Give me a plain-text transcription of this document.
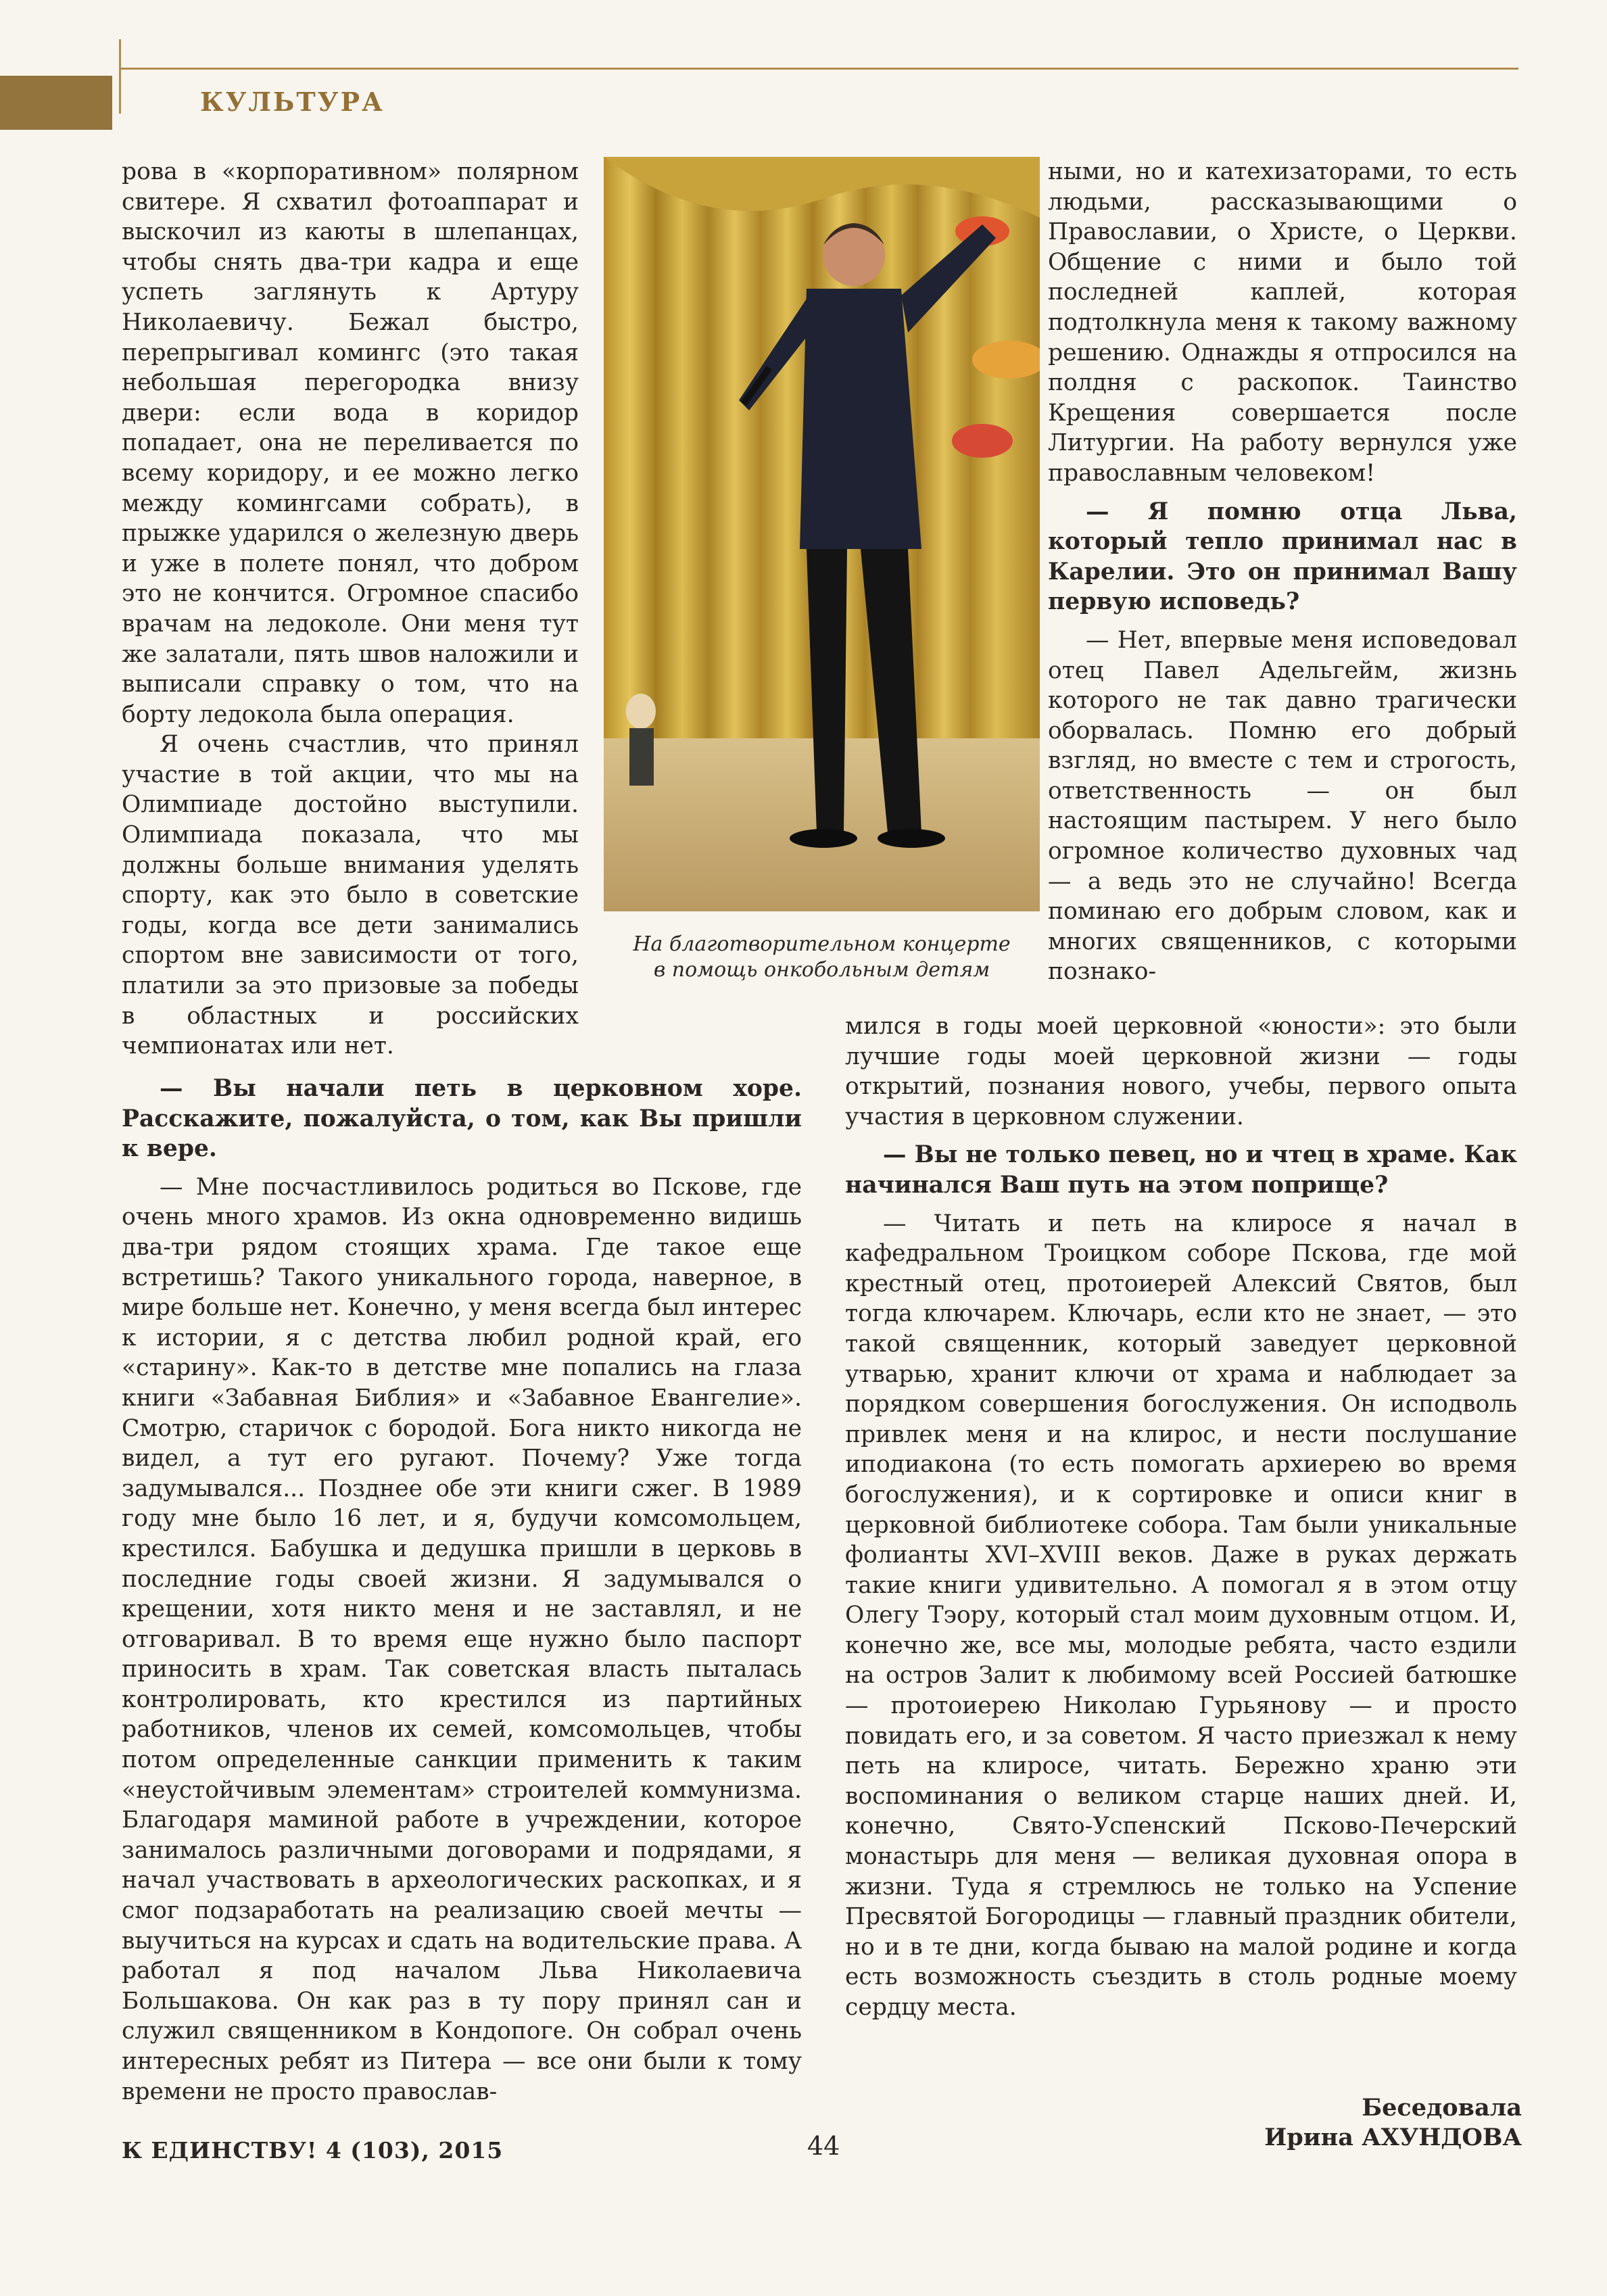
КУЛЬТУРА

рова в «корпоративном» полярном свитере. Я схватил фотоаппарат и выскочил из каюты в шлепанцах, чтобы снять два-три кадра и еще успеть заглянуть к Артуру Николаевичу. Бежал быстро, перепрыгивал комингс (это такая небольшая перегородка внизу двери: если вода в коридор попадает, она не переливается по всему коридору, и ее можно легко между комингсами собрать), в прыжке ударился о железную дверь и уже в полете понял, что добром это не кончится. Огромное спасибо врачам на ледоколе. Они меня тут же залатали, пять швов наложили и выписали справку о том, что на борту ледокола была операция.

Я очень счастлив, что принял участие в той акции, что мы на Олимпиаде достойно выступили. Олимпиада показала, что мы должны больше внимания уделять спорту, как это было в советские годы, когда все дети занимались спортом вне зависимости от того, платили за это призовые за победы в областных и российских чемпионатах или нет.

— Вы начали петь в церковном хоре. Расскажите, пожалуйста, о том, как Вы пришли к вере.

— Мне посчастливилось родиться во Пскове, где очень много храмов. Из окна одновременно видишь два-три рядом стоящих храма. Где такое еще встретишь? Такого уникального города, наверное, в мире больше нет. Конечно, у меня всегда был интерес к истории, я с детства любил родной край, его «старину». Как-то в детстве мне попались на глаза книги «Забавная Библия» и «Забавное Евангелие». Смотрю, старичок с бородой. Бога никто никогда не видел, а тут его ругают. Почему? Уже тогда задумывался... Позднее обе эти книги сжег. В 1989 году мне было 16 лет, и я, будучи комсомольцем, крестился. Бабушка и дедушка пришли в церковь в последние годы своей жизни. Я задумывался о крещении, хотя никто меня и не заставлял, и не отговаривал. В то время еще нужно было паспорт приносить в храм. Так советская власть пыталась контролировать, кто крестился из партийных работников, членов их семей, комсомольцев, чтобы потом определенные санкции применить к таким «неустойчивым элементам» строителей коммунизма. Благодаря маминой работе в учреждении, которое занималось различными договорами и подрядами, я начал участвовать в археологических раскопках, и я смог подзаработать на реализацию своей мечты — выучиться на курсах и сдать на водительские права. А работал я под началом Льва Николаевича Большакова. Он как раз в ту пору принял сан и служил священником в Кондопоге. Он собрал очень интересных ребят из Питера — все они были к тому времени не просто православ-

На благотворительном концерте
в помощь онкобольным детям

ными, но и катехизаторами, то есть людьми, рассказывающими о Православии, о Христе, о Церкви. Общение с ними и было той последней каплей, которая подтолкнула меня к такому важному решению. Однажды я отпросился на полдня с раскопок. Таинство Крещения совершается после Литургии. На работу вернулся уже православным человеком!

— Я помню отца Льва, который тепло принимал нас в Карелии. Это он принимал Вашу первую исповедь?

— Нет, впервые меня исповедовал отец Павел Адельгейм, жизнь которого не так давно трагически оборвалась. Помню его добрый взгляд, но вместе с тем и строгость, ответственность — он был настоящим пастырем. У него было огромное количество духовных чад — а ведь это не случайно! Всегда поминаю его добрым словом, как и многих священников, с которыми познако-

мился в годы моей церковной «юности»: это были лучшие годы моей церковной жизни — годы открытий, познания нового, учебы, первого опыта участия в церковном служении.

— Вы не только певец, но и чтец в храме. Как начинался Ваш путь на этом поприще?

— Читать и петь на клиросе я начал в кафедральном Троицком соборе Пскова, где мой крестный отец, протоиерей Алексий Святов, был тогда ключарем. Ключарь, если кто не знает, — это такой священник, который заведует церковной утварью, хранит ключи от храма и наблюдает за порядком совершения богослужения. Он исподволь привлек меня и на клирос, и нести послушание иподиакона (то есть помогать архиерею во время богослужения), и к сортировке и описи книг в церковной библиотеке собора. Там были уникальные фолианты XVI–XVIII веков. Даже в руках держать такие книги удивительно. А помогал я в этом отцу Олегу Тэору, который стал моим духовным отцом. И, конечно же, все мы, молодые ребята, часто ездили на остров Залит к любимому всей Россией батюшке — протоиерею Николаю Гурьянову — и просто повидать его, и за советом. Я часто приезжал к нему петь на клиросе, читать. Бережно храню эти воспоминания о великом старце наших дней. И, конечно, Свято-Успенский Псково-Печерский монастырь для меня — великая духовная опора в жизни. Туда я стремлюсь не только на Успение Пресвятой Богородицы — главный праздник обители, но и в те дни, когда бываю на малой родине и когда есть возможность съездить в столь родные моему сердцу места.

Беседовала
Ирина АХУНДОВА
К ЕДИНСТВУ! 4 (103), 2015	44
